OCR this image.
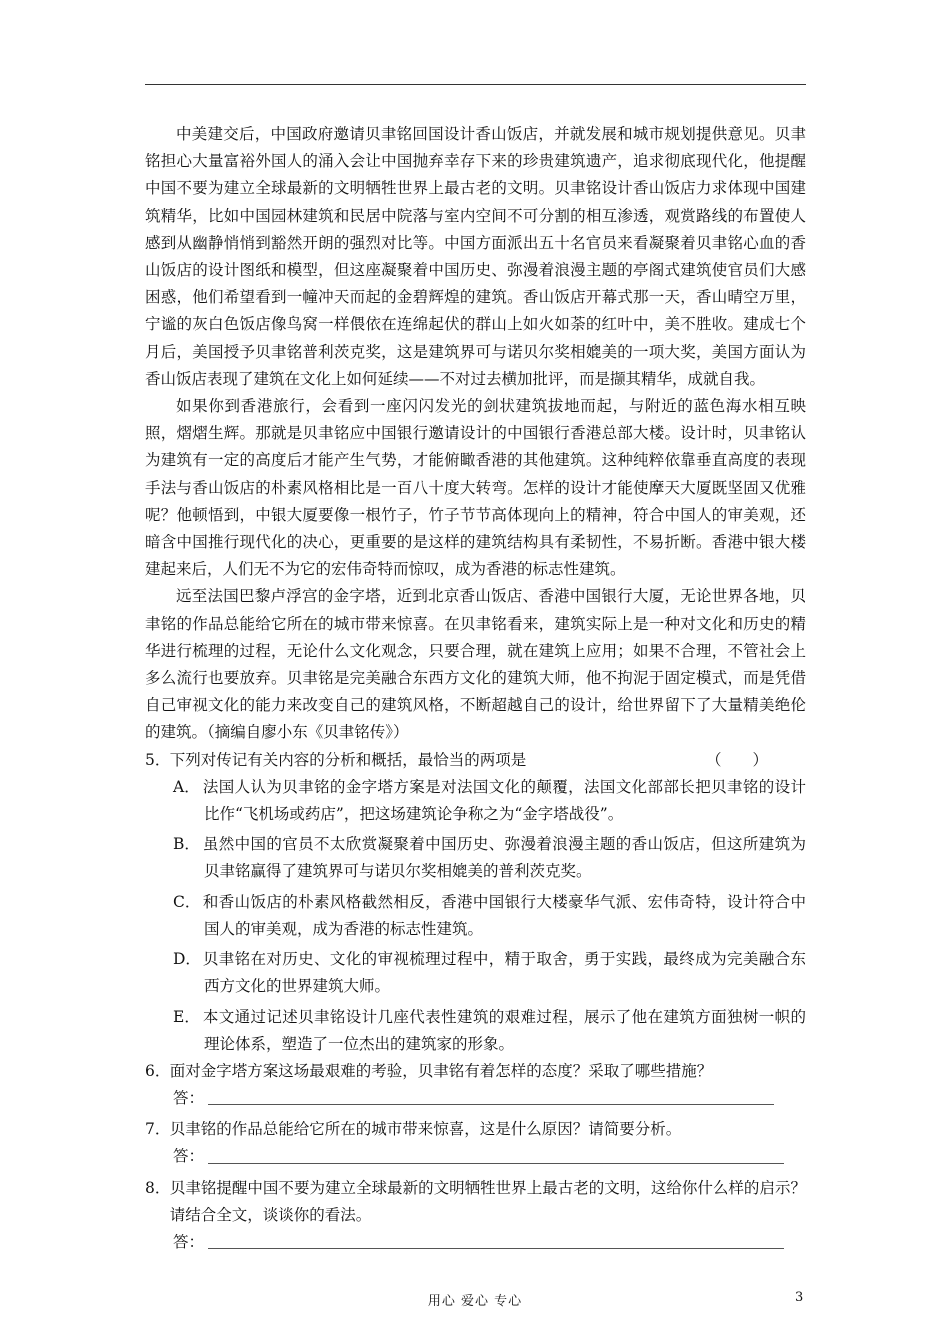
中美建交后，中国政府邀请贝聿铭回国设计香山饭店，并就发展和城市规划提供意见。贝聿铭担心大量富裕外国人的涌入会让中国抛弃幸存下来的珍贵建筑遗产，追求彻底现代化，他提醒中国不要为建立全球最新的文明牺牲世界上最古老的文明。贝聿铭设计香山饭店力求体现中国建筑精华，比如中国园林建筑和民居中院落与室内空间不可分割的相互渗透，观赏路线的布置使人感到从幽静悄悄到豁然开朗的强烈对比等。中国方面派出五十名官员来看凝聚着贝聿铭心血的香山饭店的设计图纸和模型，但这座凝聚着中国历史、弥漫着浪漫主题的亭阁式建筑使官员们大感困惑，他们希望看到一幢冲天而起的金碧辉煌的建筑。香山饭店开幕式那一天，香山晴空万里，宁谧的灰白色饭店像鸟窝一样偎依在连绵起伏的群山上如火如荼的红叶中，美不胜收。建成七个月后，美国授予贝聿铭普利茨克奖，这是建筑界可与诺贝尔奖相媲美的一项大奖，美国方面认为香山饭店表现了建筑在文化上如何延续——不对过去横加批评，而是撷其精华，成就自我。

如果你到香港旅行，会看到一座闪闪发光的剑状建筑拔地而起，与附近的蓝色海水相互映照，熠熠生辉。那就是贝聿铭应中国银行邀请设计的中国银行香港总部大楼。设计时，贝聿铭认为建筑有一定的高度后才能产生气势，才能俯瞰香港的其他建筑。这种纯粹依靠垂直高度的表现手法与香山饭店的朴素风格相比是一百八十度大转弯。怎样的设计才能使摩天大厦既坚固又优雅呢？他顿悟到，中银大厦要像一根竹子，竹子节节高体现向上的精神，符合中国人的审美观，还暗含中国推行现代化的决心，更重要的是这样的建筑结构具有柔韧性，不易折断。香港中银大楼建起来后，人们无不为它的宏伟奇特而惊叹，成为香港的标志性建筑。

远至法国巴黎卢浮宫的金字塔，近到北京香山饭店、香港中国银行大厦，无论世界各地，贝聿铭的作品总能给它所在的城市带来惊喜。在贝聿铭看来，建筑实际上是一种对文化和历史的精华进行梳理的过程，无论什么文化观念，只要合理，就在建筑上应用；如果不合理，不管社会上多么流行也要放弃。贝聿铭是完美融合东西方文化的建筑大师，他不拘泥于固定模式，而是凭借自己审视文化的能力来改变自己的建筑风格，不断超越自己的设计，给世界留下了大量精美绝伦的建筑。（摘编自廖小东《贝聿铭传》）

5．下列对传记有关内容的分析和概括，最恰当的两项是	（　　）

A． 法国人认为贝聿铭的金字塔方案是对法国文化的颠覆，法国文化部部长把贝聿铭的设计比作“飞机场或药店”，把这场建筑论争称之为“金字塔战役”。
B． 虽然中国的官员不太欣赏凝聚着中国历史、弥漫着浪漫主题的香山饭店，但这所建筑为贝聿铭赢得了建筑界可与诺贝尔奖相媲美的普利茨克奖。
C． 和香山饭店的朴素风格截然相反，香港中国银行大楼豪华气派、宏伟奇特，设计符合中国人的审美观，成为香港的标志性建筑。
D．贝聿铭在对历史、文化的审视梳理过程中，精于取舍，勇于实践，最终成为完美融合东西方文化的世界建筑大师。
E． 本文通过记述贝聿铭设计几座代表性建筑的艰难过程，展示了他在建筑方面独树一帜的理论体系，塑造了一位杰出的建筑家的形象。

6．面对金字塔方案这场最艰难的考验，贝聿铭有着怎样的态度？采取了哪些措施？

答：

7．贝聿铭的作品总能给它所在的城市带来惊喜，这是什么原因？请简要分析。

答：

8．贝聿铭提醒中国不要为建立全球最新的文明牺牲世界上最古老的文明，这给你什么样的启示？请结合全文，谈谈你的看法。

答：
用心 爱心 专心	3
